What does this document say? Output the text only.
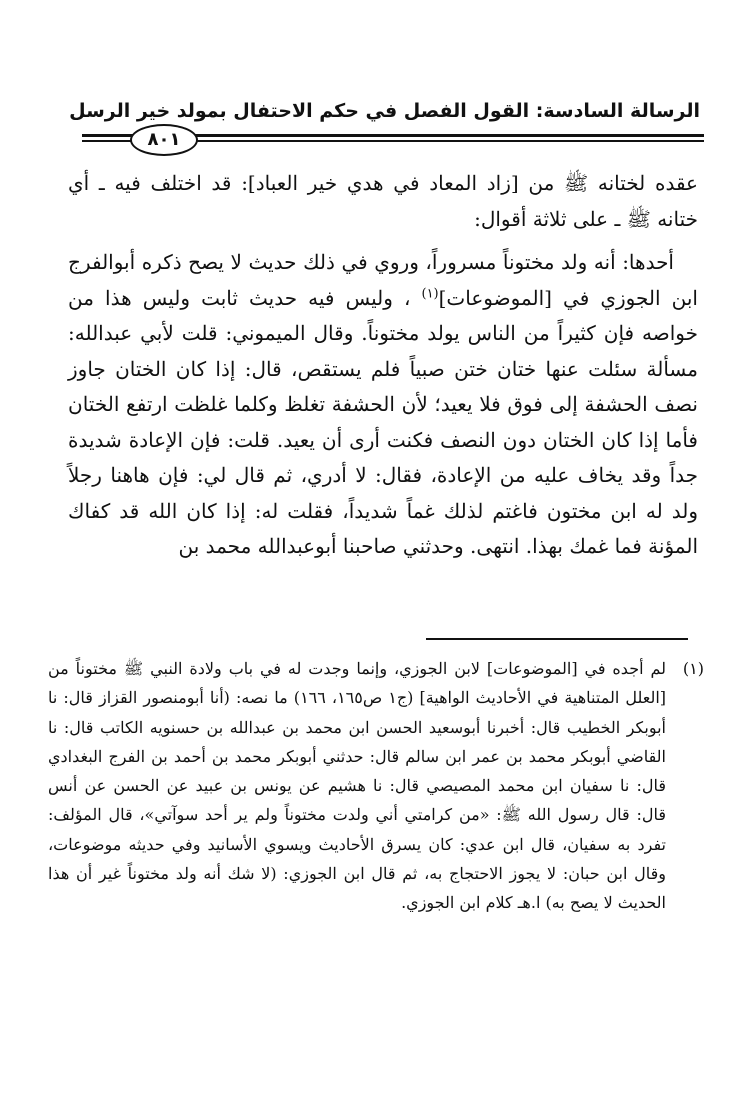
الرسالة السادسة: القول الفصل في حكم الاحتفال بمولد خير الرسل
٨٠١

عقده لختانه ﷺ من [زاد المعاد في هدي خير العباد]: قد اختلف فيه ـ أي ختانه ﷺ ـ على ثلاثة أقوال:

أحدها: أنه ولد مختوناً مسروراً، وروي في ذلك حديث لا يصح ذكره أبوالفرج ابن الجوزي في [الموضوعات]$^{(١)}$ ، وليس فيه حديث ثابت وليس هذا من خواصه فإن كثيراً من الناس يولد مختوناً. وقال الميموني: قلت لأبي عبدالله: مسألة سئلت عنها ختان ختن صبياً فلم يستقص، قال: إذا كان الختان جاوز نصف الحشفة إلى فوق فلا يعيد؛ لأن الحشفة تغلظ وكلما غلظت ارتفع الختان فأما إذا كان الختان دون النصف فكنت أرى أن يعيد. قلت: فإن الإعادة شديدة جداً وقد يخاف عليه من الإعادة، فقال: لا أدري، ثم قال لي: فإن هاهنا رجلاً ولد له ابن مختون فاغتم لذلك غماً شديداً، فقلت له: إذا كان الله قد كفاك المؤنة فما غمك بهذا. انتهى. وحدثني صاحبنا أبوعبدالله محمد بن

(١)

لم أجده في [الموضوعات] لابن الجوزي، وإنما وجدت له في باب ولادة النبي ﷺ مختوناً من [العلل المتناهية في الأحاديث الواهية] (ج١ ص١٦٥، ١٦٦) ما نصه: (أنا أبومنصور القزاز قال: نا أبوبكر الخطيب قال: أخبرنا أبوسعيد الحسن ابن محمد بن عبدالله بن حسنويه الكاتب قال: نا القاضي أبوبكر محمد بن عمر ابن سالم قال: حدثني أبوبكر محمد بن أحمد بن الفرج البغدادي قال: نا سفيان ابن محمد المصيصي قال: نا هشيم عن يونس بن عبيد عن الحسن عن أنس قال: قال رسول الله ﷺ: «من كرامتي أني ولدت مختوناً ولم ير أحد سوآتي»، قال المؤلف: تفرد به سفيان، قال ابن عدي: كان يسرق الأحاديث ويسوي الأسانيد وفي حديثه موضوعات، وقال ابن حبان: لا يجوز الاحتجاج به، ثم قال ابن الجوزي: (لا شك أنه ولد مختوناً غير أن هذا الحديث لا يصح به) ا.هـ كلام ابن الجوزي.
